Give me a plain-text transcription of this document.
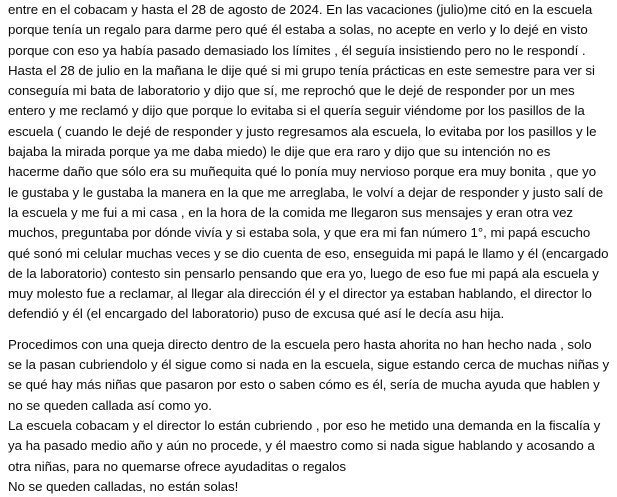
entre en el cobacam y hasta el 28 de agosto de 2024. En las vacaciones (julio)me citó en la escuela
porque tenía un regalo para darme pero qué él estaba a solas, no acepte en verlo y lo dejé en visto
porque con eso ya había pasado demasiado los límites , él seguía insistiendo pero no le respondí .
Hasta el 28 de julio en la mañana le dije qué si mi grupo tenía prácticas en este semestre para ver si
conseguía mi bata de laboratorio y dijo que sí, me reprochó que le dejé de responder por un mes
entero y me reclamó y dijo que porque lo evitaba si el quería seguir viéndome por los pasillos de la
escuela ( cuando le dejé de responder y justo regresamos ala escuela, lo evitaba por los pasillos y le
bajaba la mirada porque ya me daba miedo) le dije que era raro y dijo que su intención no es
hacerme daño que sólo era su muñequita qué lo ponía muy nervioso porque era muy bonita , que yo
le gustaba y le gustaba la manera en la que me arreglaba, le volví a dejar de responder y justo salí de
la escuela y me fui a mi casa , en la hora de la comida me llegaron sus mensajes y eran otra vez
muchos, preguntaba por dónde vivía y si estaba sola, y que era mi fan número 1°, mi papá escucho
qué sonó mi celular muchas veces y se dio cuenta de eso, enseguida mi papá le llamo y él (encargado
de la laboratorio) contesto sin pensarlo pensando que era yo, luego de eso fue mi papá ala escuela y
muy molesto fue a reclamar, al llegar ala dirección él y el director ya estaban hablando, el director lo
defendió y él (el encargado del laboratorio) puso de excusa qué así le decía asu hija.
Procedimos con una queja directo dentro de la escuela pero hasta ahorita no han hecho nada , solo
se la pasan cubriendolo y él sigue como si nada en la escuela, sigue estando cerca de muchas niñas y
se qué hay más niñas que pasaron por esto o saben cómo es él, sería de mucha ayuda que hablen y
no se queden callada así como yo.
La escuela cobacam y el director lo están cubriendo , por eso he metido una demanda en la fiscalía y
ya ha pasado medio año y aún no procede, y él maestro como si nada sigue hablando y acosando a
otra niñas, para no quemarse ofrece ayudaditas o regalos
No se queden calladas, no están solas!
